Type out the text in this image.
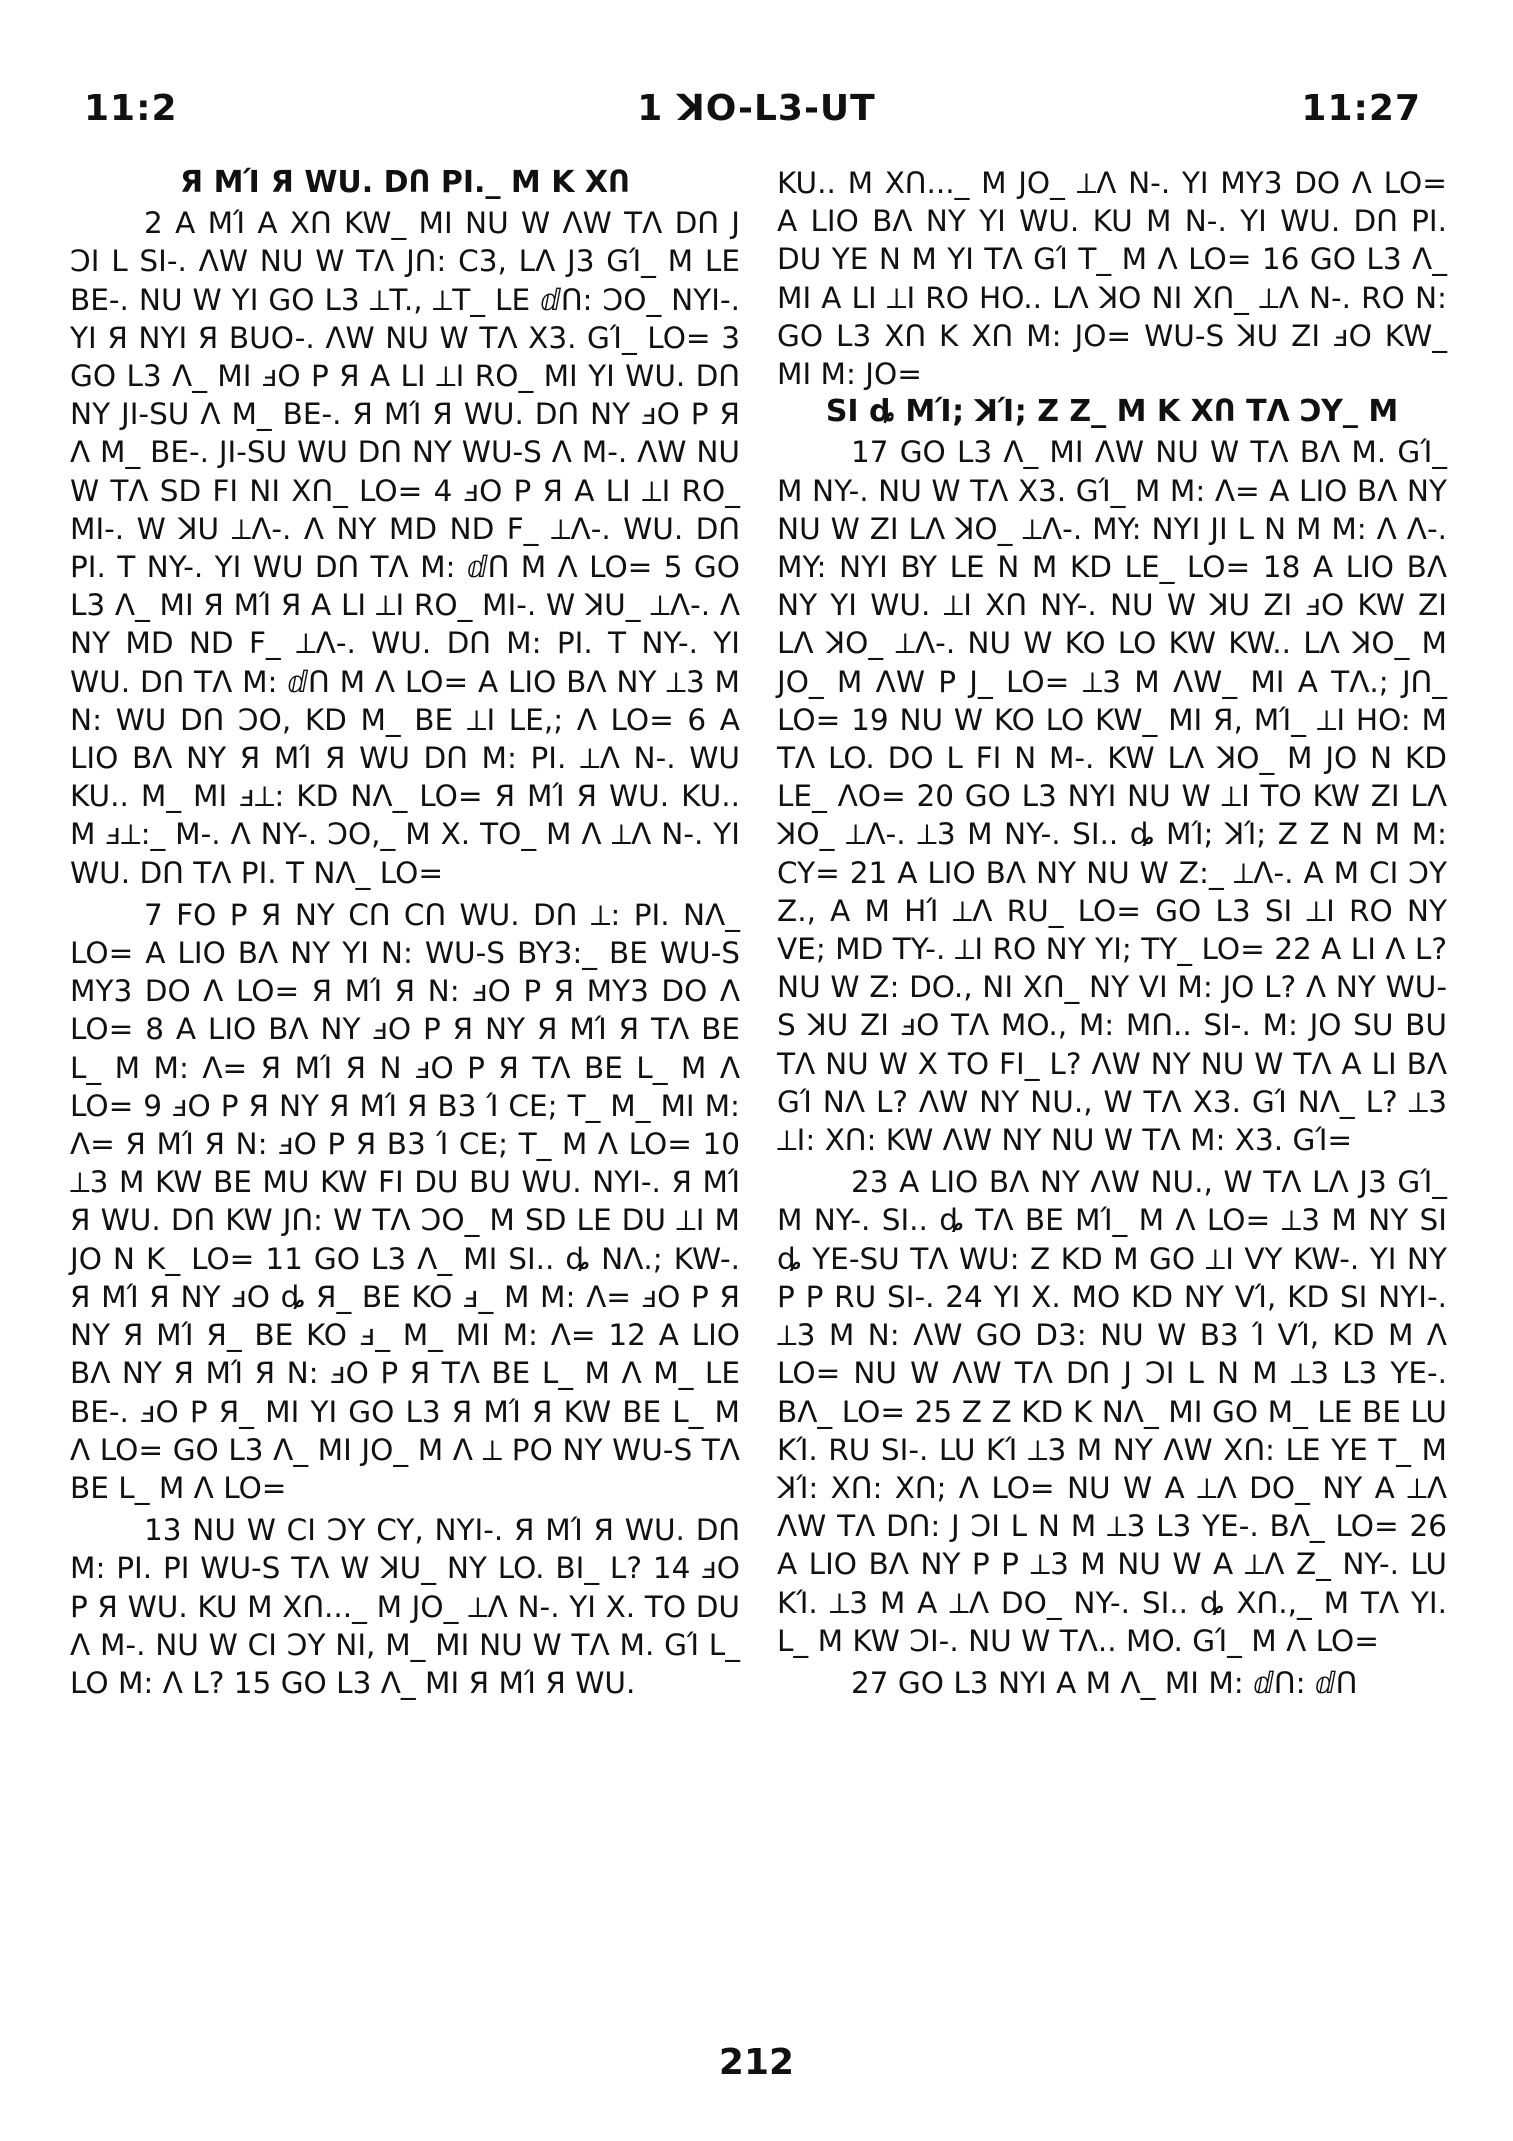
11:2	1 ꓘO-L3-UT	11:27
Я MΊ Я WU. DՈ PI._ M K XՈ

2 A MΊ A XՈ KW_ MI NU W ΛW TΛ DՈ J ϽI L SI-. ΛW NU W TΛ JՈ: C3, LΛ J3 GΊ_ M LE BE-. NU W YI GO L3 ⟂T., ⟂T_ LE ⅆՈ: ϽO_ NYI-. YI Я NYI Я BUO-. ΛW NU W TΛ X3. GΊ_ LO= 3 GO L3 Λ_ MI ⅎO P Я A LI ⟂I RO_ MI YI WU. DՈ NY JI-SU Λ M_ BE-. Я MΊ Я WU. DՈ NY ⅎO P Я Λ M_ BE-. JI-SU WU DՈ NY WU-S Λ M-. ΛW NU W TΛ SD FI NI XՈ_ LO= 4 ⅎO P Я A LI ⟂I RO_ MI-. W ꓘU ⟂Λ-. Λ NY MD ND F_ ⟂Λ-. WU. DՈ PI. T NY-. YI WU DՈ TΛ M: ⅆՈ M Λ LO= 5 GO L3 Λ_ MI Я MΊ Я A LI ⟂I RO_ MI-. W ꓘU_ ⟂Λ-. Λ NY MD ND F_ ⟂Λ-. WU. DՈ M: PI. T NY-. YI WU. DՈ TΛ M: ⅆՈ M Λ LO= A LIO BΛ NY ⟂3 M N: WU DՈ ϽO, KD M_ BE ⟂I LE,; Λ LO= 6 A LIO BΛ NY Я MΊ Я WU DՈ M: PI. ⟂Λ N-. WU KU.. M_ MI ⅎ⟂: KD NΛ_ LO= Я MΊ Я WU. KU.. M ⅎ⟂:_ M-. Λ NY-. ϽO,_ M X. TO_ M Λ ⟂Λ N-. YI WU. DՈ TΛ PI. T NΛ_ LO=

7 FO P Я NY CՈ CՈ WU. DՈ ⟂: PI. NΛ_ LO= A LIO BΛ NY YI N: WU-S BY3:_ BE WU-S MY3 DO Λ LO= Я MΊ Я N: ⅎO P Я MY3 DO Λ LO= 8 A LIO BΛ NY ⅎO P Я NY Я MΊ Я TΛ BE L_ M M: Λ= Я MΊ Я N ⅎO P Я TΛ BE L_ M Λ LO= 9 ⅎO P Я NY Я MΊ Я B3 Ί CE; T_ M_ MI M: Λ= Я MΊ Я N: ⅎO P Я B3 Ί CE; T_ M Λ LO= 10 ⟂3 M KW BE MU KW FI DU BU WU. NYI-. Я MΊ Я WU. DՈ KW JՈ: W TΛ ϽO_ M SD LE DU ⟂I M JO N K_ LO= 11 GO L3 Λ_ MI SI.. ȡ NΛ.; KW-. Я MΊ Я NY ⅎO ȡ Я_ BE KO ⅎ_ M M: Λ= ⅎO P Я NY Я MΊ Я_ BE KO ⅎ_ M_ MI M: Λ= 12 A LIO BΛ NY Я MΊ Я N: ⅎO P Я TΛ BE L_ M Λ M_ LE BE-. ⅎO P Я_ MI YI GO L3 Я MΊ Я KW BE L_ M Λ LO= GO L3 Λ_ MI JO_ M Λ ⟂ PO NY WU-S TΛ BE L_ M Λ LO=

13 NU W CI ϽY CY, NYI-. Я MΊ Я WU. DՈ M: PI. PI WU-S TΛ W ꓘU_ NY LO. BI_ L? 14 ⅎO P Я WU. KU M XՈ..._ M JO_ ⟂Λ N-. YI X. TO DU Λ M-. NU W CI ϽY NI, M_ MI NU W TΛ M. GΊ L_ LO M: Λ L? 15 GO L3 Λ_ MI Я MΊ Я WU.

KU.. M XՈ..._ M JO_ ⟂Λ N-. YI MY3 DO Λ LO= A LIO BΛ NY YI WU. KU M N-. YI WU. DՈ PI. DU YE N M YI TΛ GΊ T_ M Λ LO= 16 GO L3 Λ_ MI A LI ⟂I RO HO.. LΛ ꓘO NI XՈ_ ⟂Λ N-. RO N: GO L3 XՈ K XՈ M: JO= WU-S ꓘU ZI ⅎO KW_ MI M: JO=

SI ȡ MΊ; ꓘΊ; Z Z_ M K XՈ TΛ ϽY_ M

17 GO L3 Λ_ MI ΛW NU W TΛ BΛ M. GΊ_ M NY-. NU W TΛ X3. GΊ_ M M: Λ= A LIO BΛ NY NU W ZI LΛ ꓘO_ ⟂Λ-. MY: NYI JI L N M M: Λ Λ-. MY: NYI BY LE N M KD LE_ LO= 18 A LIO BΛ NY YI WU. ⟂I XՈ NY-. NU W ꓘU ZI ⅎO KW ZI LΛ ꓘO_ ⟂Λ-. NU W KO LO KW KW.. LΛ ꓘO_ M JO_ M ΛW P J_ LO= ⟂3 M ΛW_ MI A TΛ.; JՈ_ LO= 19 NU W KO LO KW_ MI Я, MΊ_ ⟂I HO: M TΛ LO. DO L FI N M-. KW LΛ ꓘO_ M JO N KD LE_ ΛO= 20 GO L3 NYI NU W ⟂I TO KW ZI LΛ ꓘO_ ⟂Λ-. ⟂3 M NY-. SI.. ȡ MΊ; ꓘΊ; Z Z N M M: CY= 21 A LIO BΛ NY NU W Z:_ ⟂Λ-. A M CI ϽY Z., A M HΊ ⟂Λ RU_ LO= GO L3 SI ⟂I RO NY VE; MD TY-. ⟂I RO NY YI; TY_ LO= 22 A LI Λ L? NU W Z: DO., NI XՈ_ NY VI M: JO L? Λ NY WU-S ꓘU ZI ⅎO TΛ MO., M: MՈ.. SI-. M: JO SU BU TΛ NU W X TO FI_ L? ΛW NY NU W TΛ A LI BΛ GΊ NΛ L? ΛW NY NU., W TΛ X3. GΊ NΛ_ L? ⟂3 ⟂I: XՈ: KW ΛW NY NU W TΛ M: X3. GΊ=

23 A LIO BΛ NY ΛW NU., W TΛ LΛ J3 GΊ_ M NY-. SI.. ȡ TΛ BE MΊ_ M Λ LO= ⟂3 M NY SI ȡ YE-SU TΛ WU: Z KD M GO ⟂I VY KW-. YI NY P P RU SI-. 24 YI X. MO KD NY VΊ, KD SI NYI-. ⟂3 M N: ΛW GO D3: NU W B3 Ί VΊ, KD M Λ LO= NU W ΛW TΛ DՈ J ϽI L N M ⟂3 L3 YE-. BΛ_ LO= 25 Z Z KD K NΛ_ MI GO M_ LE BE LU KΊ. RU SI-. LU KΊ ⟂3 M NY ΛW XՈ: LE YE T_ M ꓘΊ: XՈ: XՈ; Λ LO= NU W A ⟂Λ DO_ NY A ⟂Λ ΛW TΛ DՈ: J ϽI L N M ⟂3 L3 YE-. BΛ_ LO= 26 A LIO BΛ NY P P ⟂3 M NU W A ⟂Λ Z_ NY-. LU KΊ. ⟂3 M A ⟂Λ DO_ NY-. SI.. ȡ XՈ.,_ M TΛ YI. L_ M KW ϽI-. NU W TΛ.. MO. GΊ_ M Λ LO=

27 GO L3 NYI A M Λ_ MI M: ⅆՈ: ⅆՈ

212
